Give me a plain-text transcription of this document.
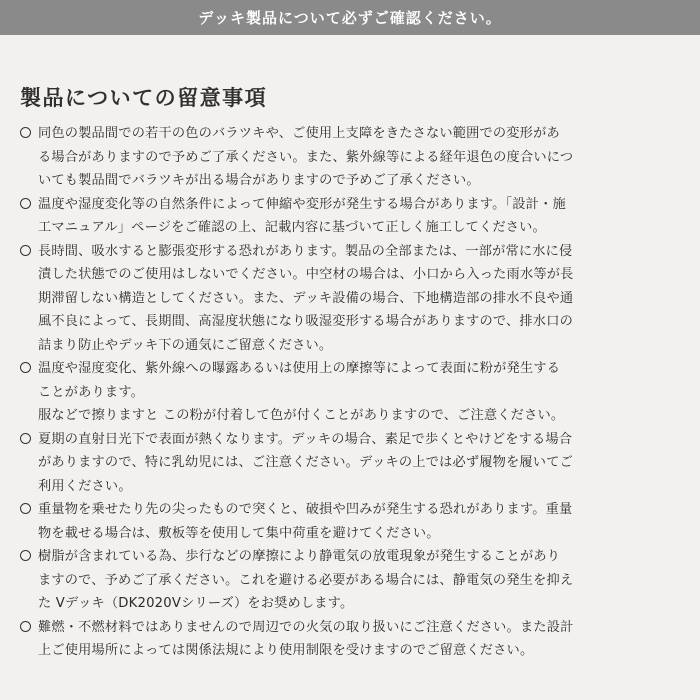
デッキ製品について必ずご確認ください。
製品についての留意事項
同色の製品間での若干の色のバラツキや、ご使用上支障をきたさない範囲での変形があ
る場合がありますので予めご了承ください。また、紫外線等による経年退色の度合いにつ
いても製品間でバラツキが出る場合がありますので予めご了承ください。
温度や湿度変化等の自然条件によって伸縮や変形が発生する場合があります。「設計・施
工マニュアル」ページをご確認の上、記載内容に基づいて正しく施工してください。
長時間、吸水すると膨張変形する恐れがあります。製品の全部または、一部が常に水に侵
漬した状態でのご使用はしないでください。中空材の場合は、小口から入った雨水等が長
期滞留しない構造としてください。また、デッキ設備の場合、下地構造部の排水不良や通
風不良によって、長期間、高湿度状態になり吸湿変形する場合がありますので、排水口の
詰まり防止やデッキ下の通気にご留意ください。
温度や湿度変化、紫外線への曝露あるいは使用上の摩擦等によって表面に粉が発生する
ことがあります。
服などで擦りますと この粉が付着して色が付くことがありますので、ご注意ください。
夏期の直射日光下で表面が熱くなります。デッキの場合、素足で歩くとやけどをする場合
がありますので、特に乳幼児には、ご注意ください。デッキの上では必ず履物を履いてご
利用ください。
重量物を乗せたり先の尖ったもので突くと、破損や凹みが発生する恐れがあります。重量
物を載せる場合は、敷板等を使用して集中荷重を避けてください。
樹脂が含まれている為、歩行などの摩擦により静電気の放電現象が発生することがあり
ますので、予めご了承ください。これを避ける必要がある場合には、静電気の発生を抑え
た Vデッキ（DK2020Vシリーズ）をお奨めします。
難燃・不燃材料ではありませんので周辺での火気の取り扱いにご注意ください。また設計
上ご使用場所によっては関係法規により使用制限を受けますのでご留意ください。
